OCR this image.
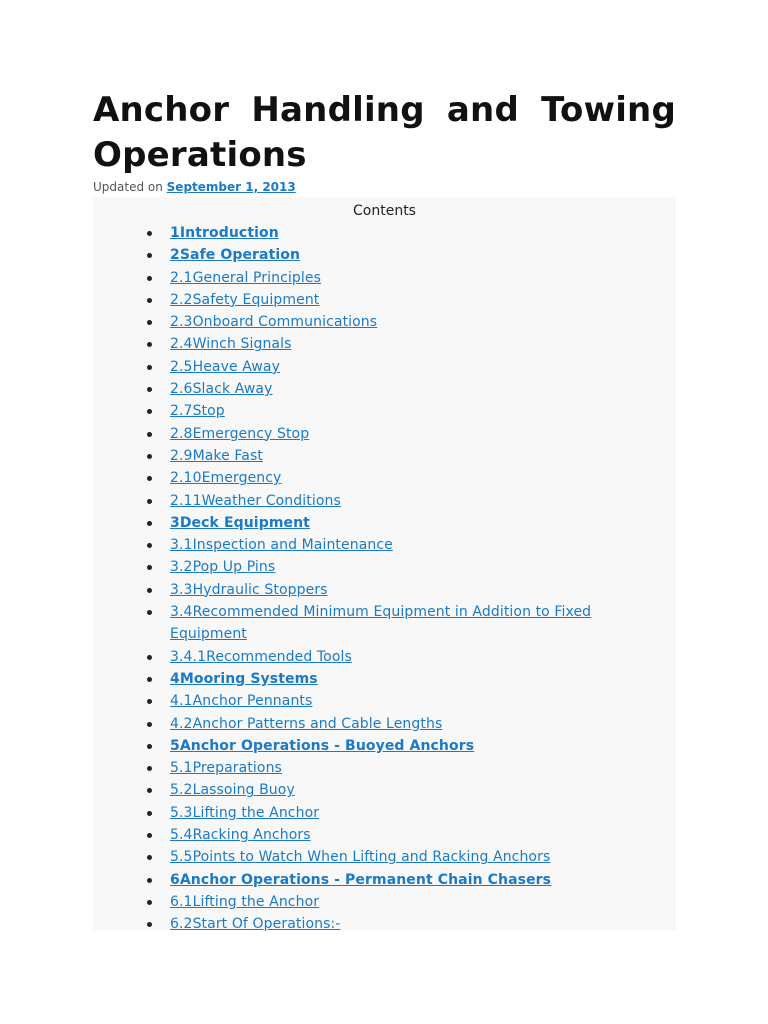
Anchor Handling and Towing Operations
Updated on September 1, 2013
Contents
1Introduction
2Safe Operation
2.1General Principles
2.2Safety Equipment
2.3Onboard Communications
2.4Winch Signals
2.5Heave Away
2.6Slack Away
2.7Stop
2.8Emergency Stop
2.9Make Fast
2.10Emergency
2.11Weather Conditions
3Deck Equipment
3.1Inspection and Maintenance
3.2Pop Up Pins
3.3Hydraulic Stoppers
3.4Recommended Minimum Equipment in Addition to Fixed Equipment
3.4.1Recommended Tools
4Mooring Systems
4.1Anchor Pennants
4.2Anchor Patterns and Cable Lengths
5Anchor Operations - Buoyed Anchors
5.1Preparations
5.2Lassoing Buoy
5.3Lifting the Anchor
5.4Racking Anchors
5.5Points to Watch When Lifting and Racking Anchors
6Anchor Operations - Permanent Chain Chasers
6.1Lifting the Anchor
6.2Start Of Operations:-
